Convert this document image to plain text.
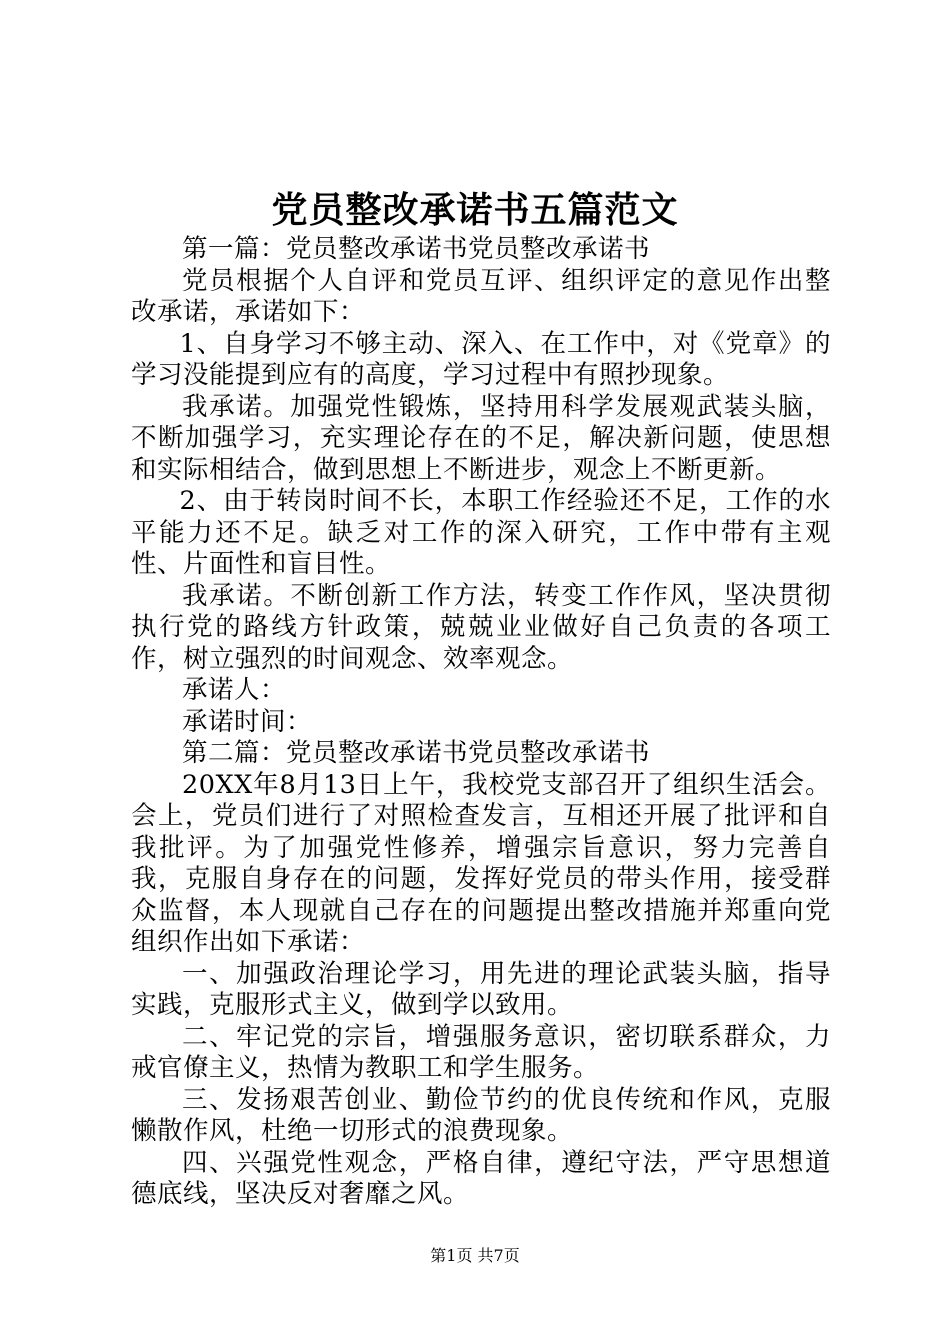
党员整改承诺书五篇范文

第一篇：党员整改承诺书党员整改承诺书

党员根据个人自评和党员互评、组织评定的意见作出整改承诺，承诺如下：

1、自身学习不够主动、深入、在工作中，对《党章》的学习没能提到应有的高度，学习过程中有照抄现象。

我承诺。加强党性锻炼，坚持用科学发展观武装头脑，不断加强学习，充实理论存在的不足，解决新问题，使思想和实际相结合，做到思想上不断进步，观念上不断更新。

2、由于转岗时间不长，本职工作经验还不足，工作的水平能力还不足。缺乏对工作的深入研究，工作中带有主观性、片面性和盲目性。

我承诺。不断创新工作方法，转变工作作风，坚决贯彻执行党的路线方针政策，兢兢业业做好自己负责的各项工作，树立强烈的时间观念、效率观念。

承诺人：

承诺时间：

第二篇：党员整改承诺书党员整改承诺书

20XX年8月13日上午，我校党支部召开了组织生活会。会上，党员们进行了对照检查发言，互相还开展了批评和自我批评。为了加强党性修养，增强宗旨意识，努力完善自我，克服自身存在的问题，发挥好党员的带头作用，接受群众监督，本人现就自己存在的问题提出整改措施并郑重向党组织作出如下承诺：

一、加强政治理论学习，用先进的理论武装头脑，指导实践，克服形式主义，做到学以致用。

二、牢记党的宗旨，增强服务意识，密切联系群众，力戒官僚主义，热情为教职工和学生服务。

三、发扬艰苦创业、勤俭节约的优良传统和作风，克服懒散作风，杜绝一切形式的浪费现象。

四、兴强党性观念，严格自律，遵纪守法，严守思想道德底线，坚决反对奢靡之风。

第1页 共7页
